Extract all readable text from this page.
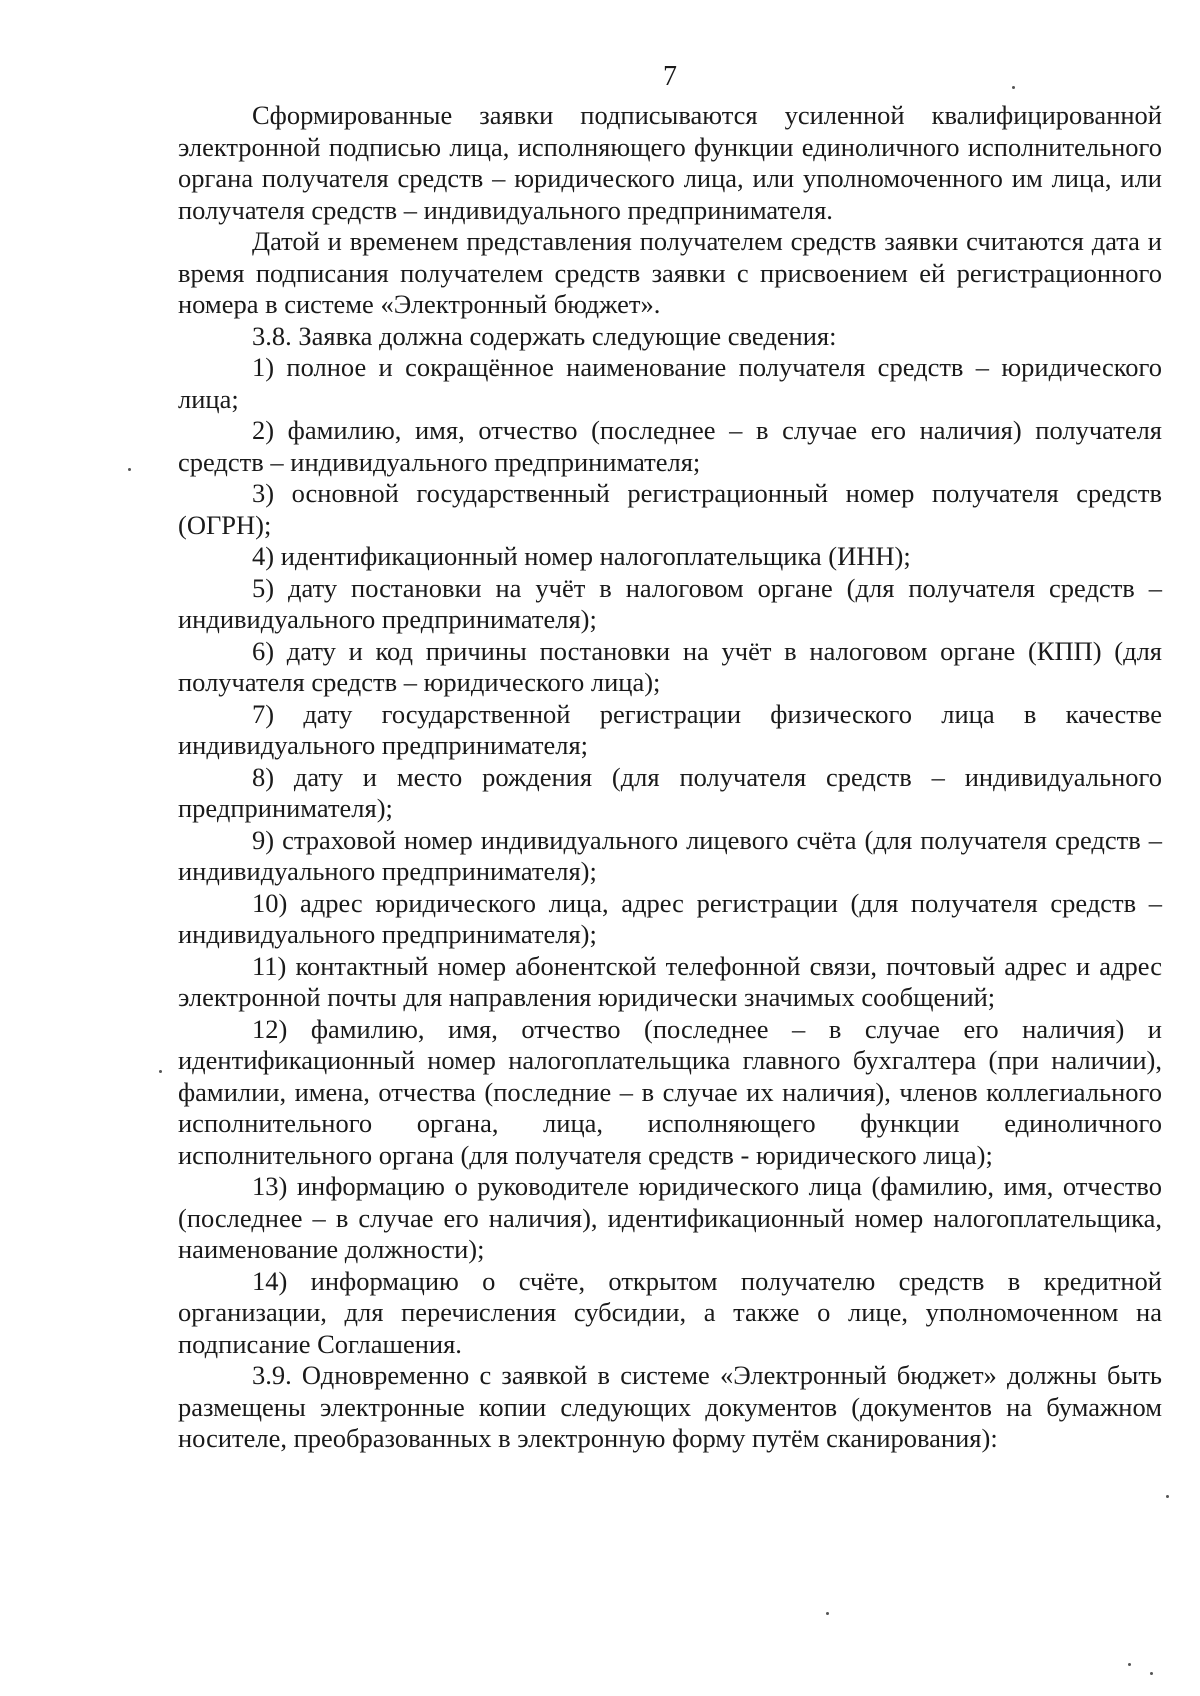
7

Сформированные заявки подписываются усиленной квалифицированной электронной подписью лица, исполняющего функции единоличного исполнительного органа получателя средств – юридического лица, или уполномоченного им лица, или получателя средств – индивидуального предпринимателя.

Датой и временем представления получателем средств заявки считаются дата и время подписания получателем средств заявки с присвоением ей регистрационного номера в системе «Электронный бюджет».

3.8. Заявка должна содержать следующие сведения:

1) полное и сокращённое наименование получателя средств – юридического лица;

2) фамилию, имя, отчество (последнее – в случае его наличия) получателя средств – индивидуального предпринимателя;

3) основной государственный регистрационный номер получателя средств (ОГРН);

4) идентификационный номер налогоплательщика (ИНН);

5) дату постановки на учёт в налоговом органе (для получателя средств – индивидуального предпринимателя);

6) дату и код причины постановки на учёт в налоговом органе (КПП) (для получателя средств – юридического лица);

7) дату государственной регистрации физического лица в качестве индивидуального предпринимателя;

8) дату и место рождения (для получателя средств – индивидуального предпринимателя);

9) страховой номер индивидуального лицевого счёта (для получателя средств – индивидуального предпринимателя);

10) адрес юридического лица, адрес регистрации (для получателя средств – индивидуального предпринимателя);

11) контактный номер абонентской телефонной связи, почтовый адрес и адрес электронной почты для направления юридически значимых сообщений;

12) фамилию, имя, отчество (последнее – в случае его наличия) и идентификационный номер налогоплательщика главного бухгалтера (при наличии), фамилии, имена, отчества (последние – в случае их наличия), членов коллегиального исполнительного органа, лица, исполняющего функции единоличного исполнительного органа (для получателя средств - юридического лица);

13) информацию о руководителе юридического лица (фамилию, имя, отчество (последнее – в случае его наличия), идентификационный номер налогоплательщика, наименование должности);

14) информацию о счёте, открытом получателю средств в кредитной организации, для перечисления субсидии, а также о лице, уполномоченном на подписание Соглашения.

3.9. Одновременно с заявкой в системе «Электронный бюджет» должны быть размещены электронные копии следующих документов (документов на бумажном носителе, преобразованных в электронную форму путём сканирования):
